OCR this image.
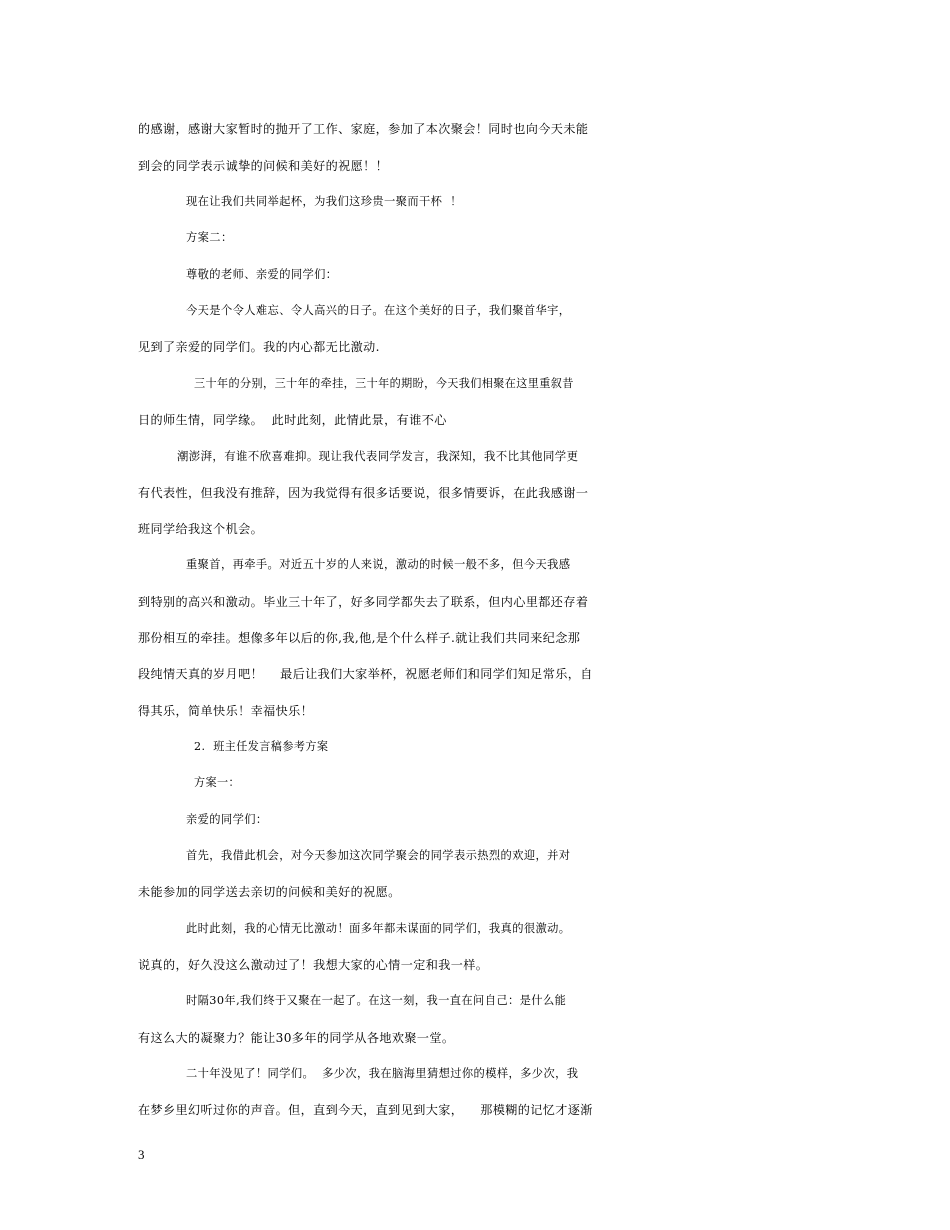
的感谢，感谢大家暂时的抛开了工作、家庭，参加了本次聚会！同时也向今天未能
到会的同学表示诚挚的问候和美好的祝愿！！
现在让我们共同举起杯，为我们这珍贵一聚而干杯  ！
方案二：
尊敬的老师、亲爱的同学们：
今天是个令人难忘、令人高兴的日子。在这个美好的日子，我们聚首华宇，
见到了亲爱的同学们。我的内心都无比激动.
三十年的分别，三十年的牵挂，三十年的期盼，今天我们相聚在这里重叙昔
日的师生情，同学缘。  此时此刻，此情此景，有谁不心
潮澎湃，有谁不欣喜难抑。现让我代表同学发言，我深知，我不比其他同学更
有代表性，但我没有推辞，因为我觉得有很多话要说，很多情要诉，在此我感谢一
班同学给我这个机会。
重聚首，再牵手。对近五十岁的人来说，激动的时候一般不多，但今天我感
到特别的高兴和激动。毕业三十年了，好多同学都失去了联系，但内心里都还存着
那份相互的牵挂。想像多年以后的你,我,他,是个什么样子.就让我们共同来纪念那
段纯情天真的岁月吧！    最后让我们大家举杯，祝愿老师们和同学们知足常乐，自
得其乐，简单快乐！幸福快乐！
2.  班主任发言稿参考方案
方案一：
亲爱的同学们：
首先，我借此机会，对今天参加这次同学聚会的同学表示热烈的欢迎，并对
未能参加的同学送去亲切的问候和美好的祝愿。
此时此刻，我的心情无比激动！面多年都未谋面的同学们，我真的很激动。
说真的，好久没这么激动过了！我想大家的心情一定和我一样。
时隔30年,我们终于又聚在一起了。在这一刻，我一直在问自己：是什么能
有这么大的凝聚力？能让30多年的同学从各地欢聚一堂。
二十年没见了！同学们。  多少次，我在脑海里猜想过你的模样，多少次，我
在梦乡里幻听过你的声音。但，直到今天，直到见到大家，    那模糊的记忆才逐渐
3
